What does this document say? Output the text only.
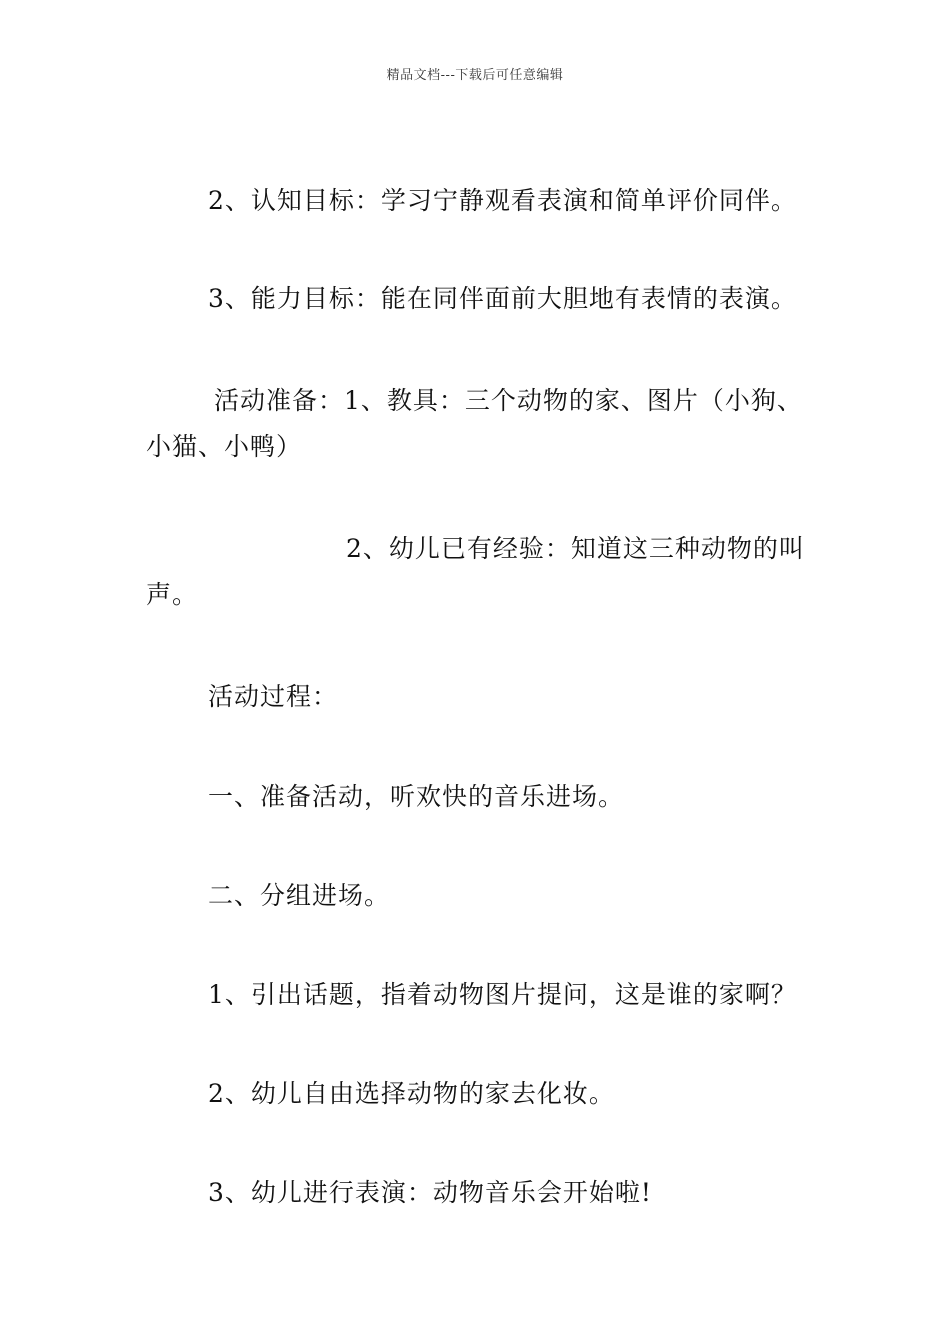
精品文档---下载后可任意编辑

2、认知目标：学习宁静观看表演和简单评价同伴。

3、能力目标：能在同伴面前大胆地有表情的表演。

活动准备：1、教具：三个动物的家、图片（小狗、小猫、小鸭）

2、幼儿已有经验：知道这三种动物的叫声。

活动过程：

一、准备活动，听欢快的音乐进场。

二、分组进场。

1、引出话题，指着动物图片提问，这是谁的家啊？

2、幼儿自由选择动物的家去化妆。

3、幼儿进行表演：动物音乐会开始啦!
